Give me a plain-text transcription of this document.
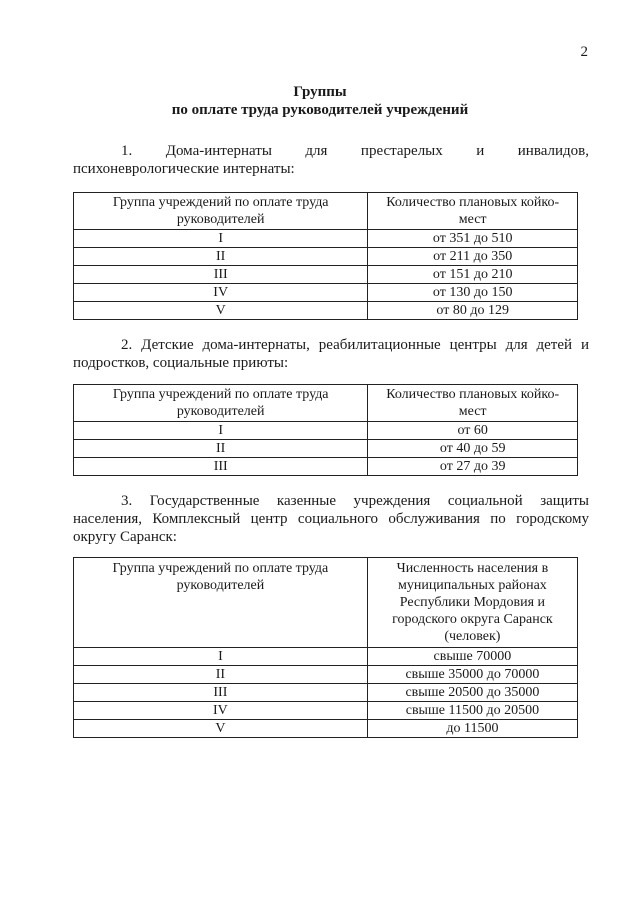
2
Группы
по оплате труда руководителей учреждений
1. Дома-интернаты для престарелых и инвалидов,
психоневрологические интернаты:
Группа учреждений по оплате труда руководителей	Количество плановых койко-мест
I	от 351 до 510
II	от 211 до 350
III	от 151 до 210
IV	от 130 до 150
V	от 80 до 129
2. Детские дома-интернаты, реабилитационные центры для детей и подростков, социальные приюты:
Группа учреждений по оплате труда руководителей	Количество плановых койко-мест
I	от 60
II	от 40 до 59
III	от 27 до 39
3. Государственные казенные учреждения социальной защиты населения, Комплексный центр социального обслуживания по городскому округу Саранск:
Группа учреждений по оплате труда руководителей	Численность населения в муниципальных районах Республики Мордовия и городского округа Саранск (человек)
I	свыше 70000
II	свыше 35000 до 70000
III	свыше 20500 до 35000
IV	свыше 11500 до 20500
V	до 11500
